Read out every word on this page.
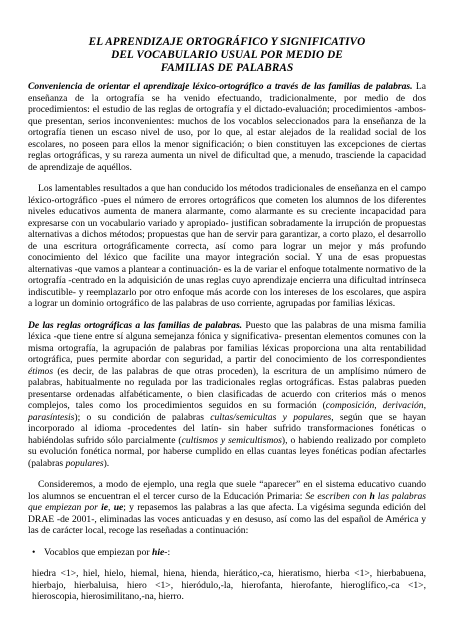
EL APRENDIZAJE ORTOGRÁFICO Y SIGNIFICATIVO
DEL VOCABULARIO USUAL POR MEDIO DE
FAMILIAS DE PALABRAS

Conveniencia de orientar el aprendizaje léxico-ortográfico a través de las familias de palabras. La enseñanza de la ortografía se ha venido efectuando, tradicionalmente, por medio de dos procedimientos: el estudio de las reglas de ortografía y el dictado-evaluación; procedimientos -ambos- que presentan, serios inconvenientes: muchos de los vocablos seleccionados para la enseñanza de la ortografía tienen un escaso nivel de uso, por lo que, al estar alejados de la realidad social de los escolares, no poseen para ellos la menor significación; o bien constituyen las excepciones de ciertas reglas ortográficas, y su rareza aumenta un nivel de dificultad que, a menudo, trasciende la capacidad de aprendizaje de aquéllos.

Los lamentables resultados a que han conducido los métodos tradicionales de enseñanza en el campo léxico-ortográfico -pues el número de errores ortográficos que cometen los alumnos de los diferentes niveles educativos aumenta de manera alarmante, como alarmante es su creciente incapacidad para expresarse con un vocabulario variado y apropiado- justifican sobradamente la irrupción de propuestas alternativas a dichos métodos; propuestas que han de servir para garantizar, a corto plazo, el desarrollo de una escritura ortográficamente correcta, así como para lograr un mejor y más profundo conocimiento del léxico que facilite una mayor integración social. Y una de esas propuestas alternativas -que vamos a plantear a continuación- es la de variar el enfoque totalmente normativo de la ortografía -centrado en la adquisición de unas reglas cuyo aprendizaje encierra una dificultad intrínseca indiscutible- y reemplazarlo por otro enfoque más acorde con los intereses de los escolares, que aspira a lograr un dominio ortográfico de las palabras de uso corriente, agrupadas por familias léxicas.

De las reglas ortográficas a las familias de palabras. Puesto que las palabras de una misma familia léxica -que tiene entre sí alguna semejanza fónica y significativa- presentan elementos comunes con la misma ortografía, la agrupación de palabras por familias léxicas proporciona una alta rentabilidad ortográfica, pues permite abordar con seguridad, a partir del conocimiento de los correspondientes étimos (es decir, de las palabras de que otras proceden), la escritura de un amplísimo número de palabras, habitualmente no regulada por las tradicionales reglas ortográficas. Estas palabras pueden presentarse ordenadas alfabéticamente, o bien clasificadas de acuerdo con criterios más o menos complejos, tales como los procedimientos seguidos en su formación (composición, derivación, parasíntesis); o su condición de palabras cultas/semicultas y populares, según que se hayan incorporado al idioma -procedentes del latín- sin haber sufrido transformaciones fonéticas o habiéndolas sufrido sólo parcialmente (cultismos y semicultismos), o habiendo realizado por completo su evolución fonética normal, por haberse cumplido en ellas cuantas leyes fonéticas podían afectarles (palabras populares).

Consideremos, a modo de ejemplo, una regla que suele “aparecer” en el sistema educativo cuando los alumnos se encuentran el el tercer curso de la Educación Primaria: Se escriben con h las palabras que empiezan por ie, ue; y repasemos las palabras a las que afecta. La vigésima segunda edición del DRAE -de 2001-, eliminadas las voces anticuadas y en desuso, así como las del español de América y las de carácter local, recoge las reseñadas a continuación:

• Vocablos que empiezan por hie-:

hiedra <1>, hiel, hielo, hiemal, hiena, hienda, hierático,-ca, hieratismo, hierba <1>, hierbabuena, hierbajo, hierbaluisa, hiero <1>, hieródulo,-la, hierofanta, hierofante, hieroglífico,-ca <1>, hieroscopia, hierosimilitano,-na, hierro.
